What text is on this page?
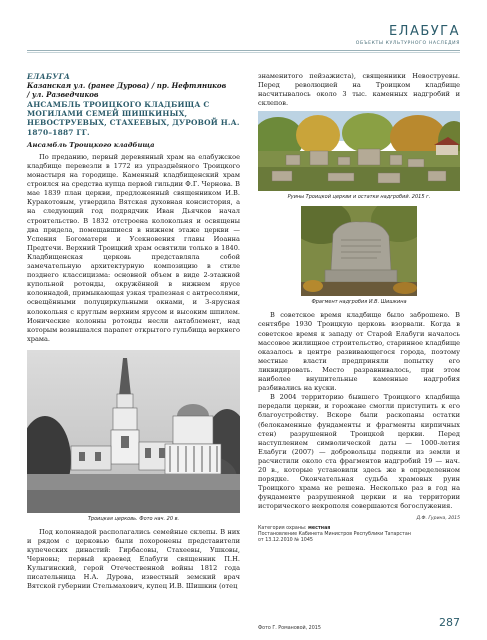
ЕЛАБУГА
ОБЪЕКТЫ КУЛЬТУРНОГО НАСЛЕДИЯ
ЕЛАБУГА
Казанская ул. (ранее Дурова) / пр. Нефтяников
/ ул. Разведчиков
АНСАМБЛЬ ТРОИЦКОГО КЛАДБИЩА С МОГИЛАМИ СЕМЕЙ ШИШКИНЫХ, НЕВОСТРУЕВЫХ, СТАХЕЕВЫХ, ДУРОВОЙ Н.А. 1870–1887 ГГ.
Ансамбль Троицкого кладбища

По преданию, первый деревянный храм на елабужское кладбище перевезли в 1772 из упразднённого Троицкого монастыря на городище. Каменный кладбищенский храм строился на средства купца первой гильдии Ф.Г. Чернова. В мае 1839 план церкви, предложенный священником И.В. Куракотовым, утвердила Вятская духовная консистория, а на следующий год подрядчик Иван Дьячков начал строительство. В 1832 отстроена колокольня и освящены два придела, помещавшиеся в нижнем этаже церкви — Успения Богоматери и Усекновения главы Иоанна Предтечи. Верхний Троицкий храм освятили только в 1840. Кладбищенская церковь представляла собой замечательную архитектурную композицию в стиле позднего классицизма: основной объем в виде 2-этажной купольной ротонды, окружённой в нижнем ярусе колоннадой, примыкающая узкая трапезная с антресолями, освещёнными полуциркульными окнами, и 3-ярусная колокольня с круглым верхним ярусом и высоким шпилем. Ионические колонны ротонды несли антаблемент, над которым возвышался парапет открытого гульбища верхнего храма.

Троицкая церковь. Фото нач. 20 в.

Под колоннадой располагались семейные склепы. В них и рядом с церковью были похоронены представители купеческих династий: Гирбасовы, Стахеевы, Ушковы, Черновы; первый краевед Елабуги священник П.Н. Кулыгинский, герой Отечественной войны 1812 года писательница Н.А. Дурова, известный земский врач Вятской губернии Стельмахович, купец И.В. Шишкин (отец

знаменитого пейзажиста), священники Невоструевы. Перед революцией на Троицком кладбище насчитывалось около 3 тыс. каменных надгробий и склепов.

Руины Троицкой церкви и остатки надгробий. 2015 г.
Фрагмент надгробия И.В. Шишкина

В советское время кладбище было заброшено. В сентябре 1930 Троицкую церковь взорвали. Когда в советское время к западу от Старой Елабуги началось массовое жилищное строительство, старинное кладбище оказалось в центре развивающегося города, поэтому местные власти предприняли попытку его ликвидировать. Место разравнивалось, при этом наиболее внушительные каменные надгробия разбивались на куски.

В 2004 территорию бывшего Троицкого кладбища передали церкви, и горожане смогли приступить к его благоустройству. Вскоре были раскопаны остатки (белокаменные фундаменты и фрагменты кирпичных стен) разрушенной Троицкой церкви. Перед наступлением символической даты — 1000-летия Елабуги (2007) — добровольцы подняли из земли и расчистили около ста фрагментов надгробий 19 — нач. 20 в., которые установили здесь же в определенном порядке. Окончательная судьба храмовых руин Троицкого храма не решена. Несколько раз в год на фундаменте разрушенной церкви и на территории исторического некрополя совершаются богослужения.

Д.Ф. Гурина, 2015
Категория охраны: местная
Постановление Кабинета Министров Республики Татарстан
от 13.12.2010 № 1045
Фото Г. Романовой, 2015	287
